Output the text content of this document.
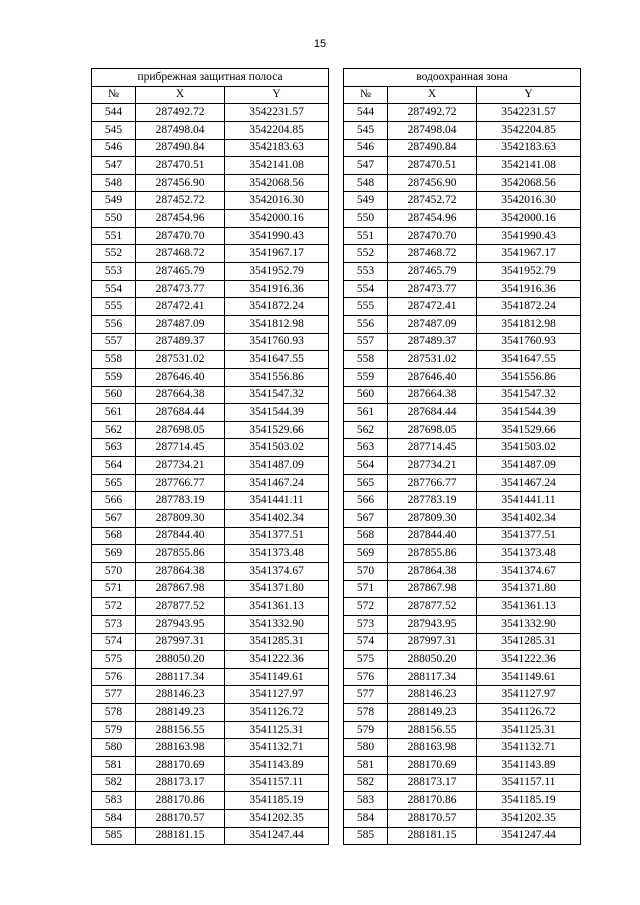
15
прибрежная защитная полоса		
№	X	Y
544	287492.72	3542231.57
545	287498.04	3542204.85
546	287490.84	3542183.63
547	287470.51	3542141.08
548	287456.90	3542068.56
549	287452.72	3542016.30
550	287454.96	3542000.16
551	287470.70	3541990.43
552	287468.72	3541967.17
553	287465.79	3541952.79
554	287473.77	3541916.36
555	287472.41	3541872.24
556	287487.09	3541812.98
557	287489.37	3541760.93
558	287531.02	3541647.55
559	287646.40	3541556.86
560	287664.38	3541547.32
561	287684.44	3541544.39
562	287698.05	3541529.66
563	287714.45	3541503.02
564	287734.21	3541487.09
565	287766.77	3541467.24
566	287783.19	3541441.11
567	287809.30	3541402.34
568	287844.40	3541377.51
569	287855.86	3541373.48
570	287864.38	3541374.67
571	287867.98	3541371.80
572	287877.52	3541361.13
573	287943.95	3541332.90
574	287997.31	3541285.31
575	288050.20	3541222.36
576	288117.34	3541149.61
577	288146.23	3541127.97
578	288149.23	3541126.72
579	288156.55	3541125.31
580	288163.98	3541132.71
581	288170.69	3541143.89
582	288173.17	3541157.11
583	288170.86	3541185.19
584	288170.57	3541202.35
585	288181.15	3541247.44
водоохранная зона		
№	X	Y
544	287492.72	3542231.57
545	287498.04	3542204.85
546	287490.84	3542183.63
547	287470.51	3542141.08
548	287456.90	3542068.56
549	287452.72	3542016.30
550	287454.96	3542000.16
551	287470.70	3541990.43
552	287468.72	3541967.17
553	287465.79	3541952.79
554	287473.77	3541916.36
555	287472.41	3541872.24
556	287487.09	3541812.98
557	287489.37	3541760.93
558	287531.02	3541647.55
559	287646.40	3541556.86
560	287664.38	3541547.32
561	287684.44	3541544.39
562	287698.05	3541529.66
563	287714.45	3541503.02
564	287734.21	3541487.09
565	287766.77	3541467.24
566	287783.19	3541441.11
567	287809.30	3541402.34
568	287844.40	3541377.51
569	287855.86	3541373.48
570	287864.38	3541374.67
571	287867.98	3541371.80
572	287877.52	3541361.13
573	287943.95	3541332.90
574	287997.31	3541285.31
575	288050.20	3541222.36
576	288117.34	3541149.61
577	288146.23	3541127.97
578	288149.23	3541126.72
579	288156.55	3541125.31
580	288163.98	3541132.71
581	288170.69	3541143.89
582	288173.17	3541157.11
583	288170.86	3541185.19
584	288170.57	3541202.35
585	288181.15	3541247.44
